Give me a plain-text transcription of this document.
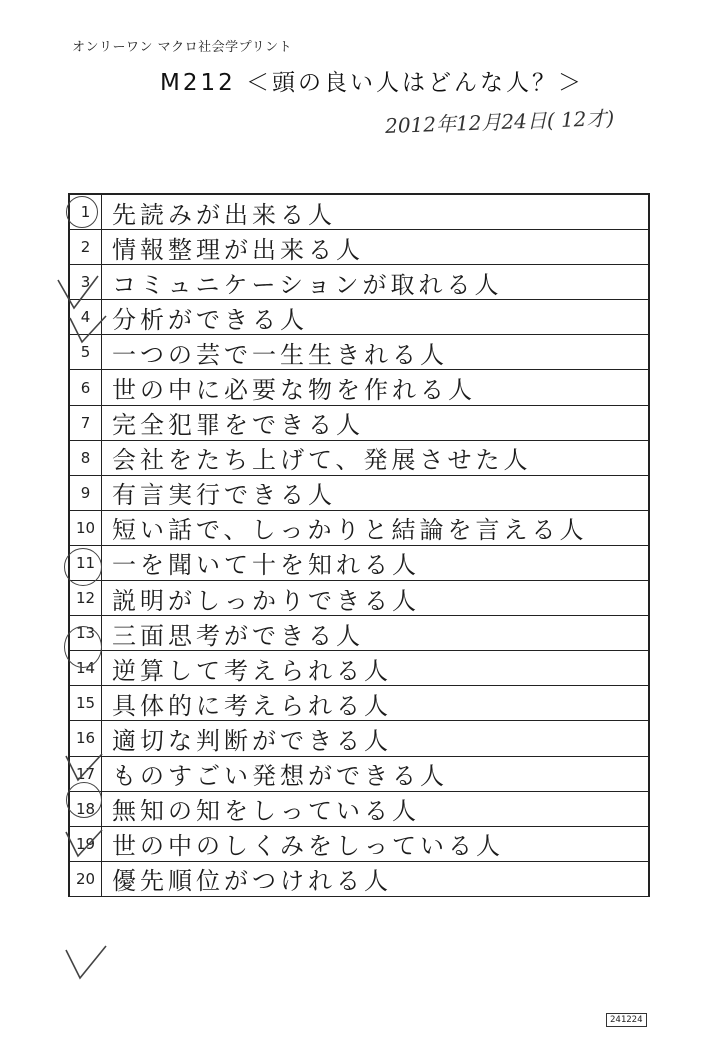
オンリーワン マクロ社会学プリント
M212 ＜頭の良い人はどんな人？＞
2012年12月24日( 12才)
1 先読みが出来る人
2 情報整理が出来る人
3 コミュニケーションが取れる人
4 分析ができる人
5 一つの芸で一生生きれる人
6 世の中に必要な物を作れる人
7 完全犯罪をできる人
8 会社をたち上げて、発展させた人
9 有言実行できる人
10 短い話で、しっかりと結論を言える人
11 一を聞いて十を知れる人
12 説明がしっかりできる人
13 三面思考ができる人
14 逆算して考えられる人
15 具体的に考えられる人
16 適切な判断ができる人
17 ものすごい発想ができる人
18 無知の知をしっている人
19 世の中のしくみをしっている人
20 優先順位がつけれる人
241224
